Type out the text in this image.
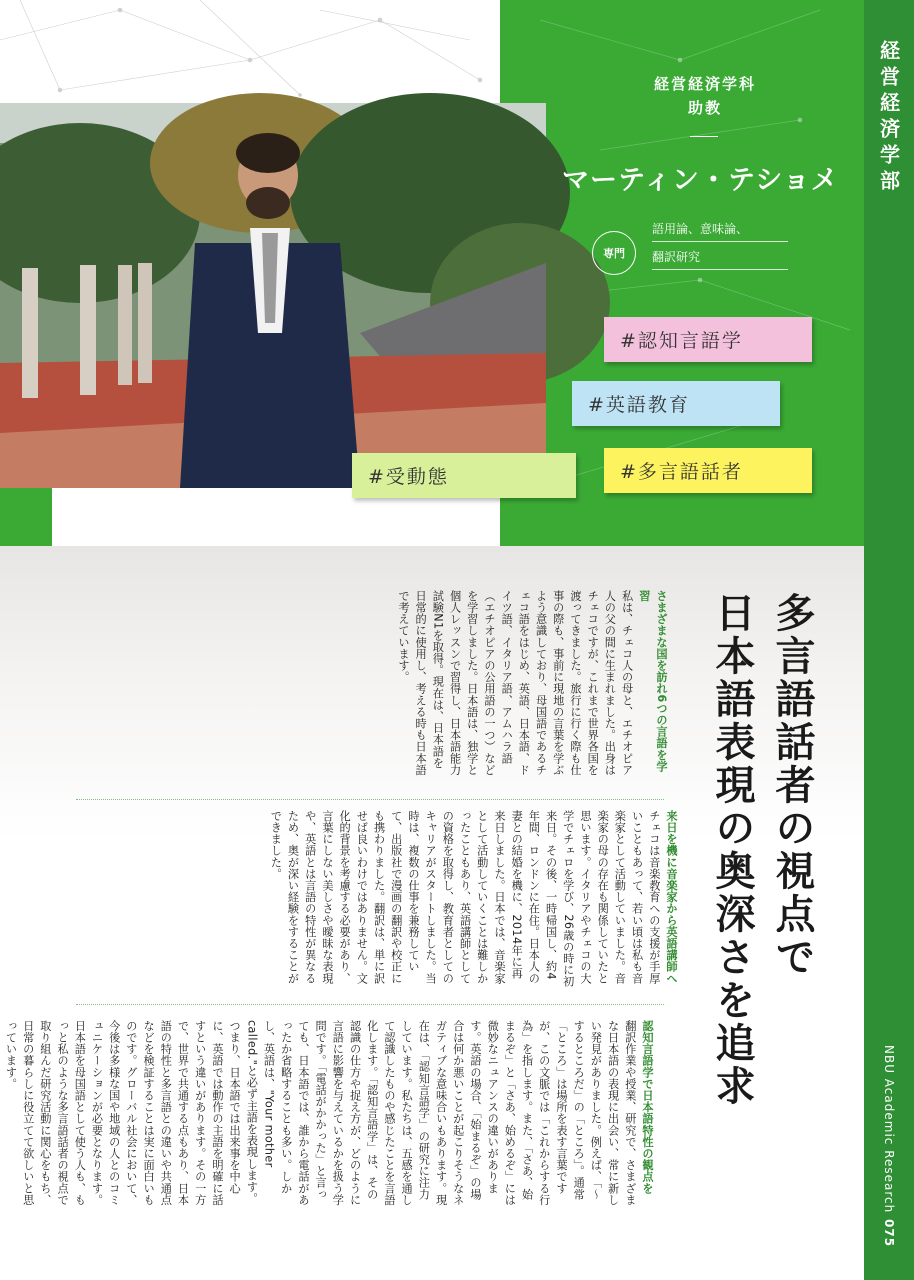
経営経済学部
NBU Academic Research
075
経営経済学科
助教
マーティン・テショメ
専門
語用論、意味論、
翻訳研究
#認知言語学
#英語教育
#多言語話者
#受動態
多言語話者の視点で
日本語表現の奥深さを追求
さまざまな国を訪れ6つの言語を学習

私は、チェコ人の母と、エチオピア人の父の間に生まれました。出身はチェコですが、これまで世界各国を渡ってきました。旅行に行く際も仕事の際も、事前に現地の言葉を学ぶよう意識しており、母国語であるチェコ語をはじめ、英語、日本語、ドイツ語、イタリア語、アムハラ語（エチオピアの公用語の一つ）などを学習しました。日本語は、独学と個人レッスンで習得し、日本語能力試験N1を取得。現在は、日本語を日常的に使用し、考える時も日本語で考えています。

来日を機に音楽家から英語講師へ

チェコは音楽教育への支援が手厚いこともあって、若い頃は私も音楽家として活動していました。音楽家の母の存在も関係していたと思います。イタリアやチェコの大学でチェロを学び、26歳の時に初来日。その後、一時帰国し、約4年間、ロンドンに在住。日本人の妻との結婚を機に、2014年に再来日しました。日本では、音楽家として活動していくことは難しかったこともあり、英語講師としての資格を取得し、教育者としてのキャリアがスタートしました。当時は、複数の仕事を兼務していて、出版社で漫画の翻訳や校正にも携わりました。翻訳は、単に訳せば良いわけではありません。文化的背景を考慮する必要があり、言葉にしない美しさや曖昧な表現や、英語とは言語の特性が異なるため、奥が深い経験をすることができました。

認知言語学で日本語特性の観点を

翻訳作業や授業、研究で、さまざまな日本語の表現に出会い、常に新しい発見がありました。例えば、「〜するところだ」の「ところ」。通常「ところ」は場所を表す言葉ですが、この文脈では「これからする行為」を指します。また、「さあ、始まるぞ」と「さあ、始めるぞ」には微妙なニュアンスの違いがあります。英語の場合、「始まるぞ」の場合は何か悪いことが起こりそうなネガティブな意味合いもあります。現在は、「認知言語学」の研究に注力しています。私たちは、五感を通して認識したものや感じたことを言語化します。「認知言語学」は、その認識の仕方や捉え方が、どのように言語に影響を与えているかを扱う学問です。「電話がかかった」と言っても、日本語では、誰から電話があったか省略することも多い。しかし、英語は、"Your mother called."と必ず主語を表現します。つまり、日本語では出来事を中心に、英語では動作の主語を明確に話すという違いがあります。その一方で、世界で共通する点もあり、日本語の特性と多言語との違いや共通点などを検証することは実に面白いものです。グローバル社会において、今後は多様な国や地域の人とのコミュニケーションが必要となります。日本語を母国語として使う人も、もっと私のような多言語話者の視点で取り組んだ研究活動に関心をもち、日常の暮らしに役立てて欲しいと思っています。
